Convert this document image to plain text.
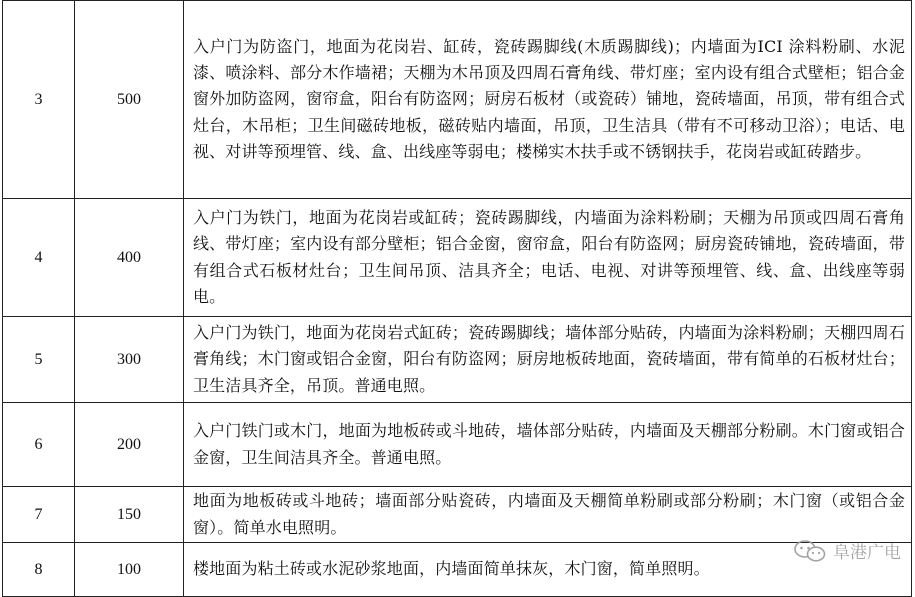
3	500	入户门为防盗门，地面为花岗岩、缸砖，瓷砖踢脚线(木质踢脚线)；内墙面为ICI 涂料粉刷、水泥漆、喷涂料、部分木作墙裙；天棚为木吊顶及四周石膏角线、带灯座；室内设有组合式壁柜；铝合金窗外加防盗网，窗帘盒，阳台有防盗网；厨房石板材（或瓷砖）铺地，瓷砖墙面，吊顶，带有组合式灶台，木吊柜；卫生间磁砖地板，磁砖贴内墙面，吊顶，卫生洁具（带有不可移动卫浴）；电话、电视、对讲等预埋管、线、盒、出线座等弱电；楼梯实木扶手或不锈钢扶手，花岗岩或缸砖踏步。
4	400	入户门为铁门，地面为花岗岩或缸砖；瓷砖踢脚线，内墙面为涂料粉刷；天棚为吊顶或四周石膏角线、带灯座；室内设有部分壁柜；铝合金窗，窗帘盒，阳台有防盗网；厨房瓷砖铺地，瓷砖墙面，带有组合式石板材灶台；卫生间吊顶、洁具齐全；电话、电视、对讲等预埋管、线、盒、出线座等弱电。
5	300	入户门为铁门，地面为花岗岩式缸砖；瓷砖踢脚线；墙体部分贴砖，内墙面为涂料粉刷；天棚四周石膏角线；木门窗或铝合金窗，阳台有防盗网；厨房地板砖地面，瓷砖墙面，带有简单的石板材灶台；卫生洁具齐全，吊顶。普通电照。
6	200	入户门铁门或木门，地面为地板砖或斗地砖，墙体部分贴砖，内墙面及天棚部分粉刷。木门窗或铝合金窗，卫生间洁具齐全。普通电照。
7	150	地面为地板砖或斗地砖；墙面部分贴瓷砖，内墙面及天棚简单粉刷或部分粉刷；木门窗（或铝合金窗）。简单水电照明。
8	100	楼地面为粘土砖或水泥砂浆地面，内墙面简单抹灰，木门窗，简单照明。
阜港广电
